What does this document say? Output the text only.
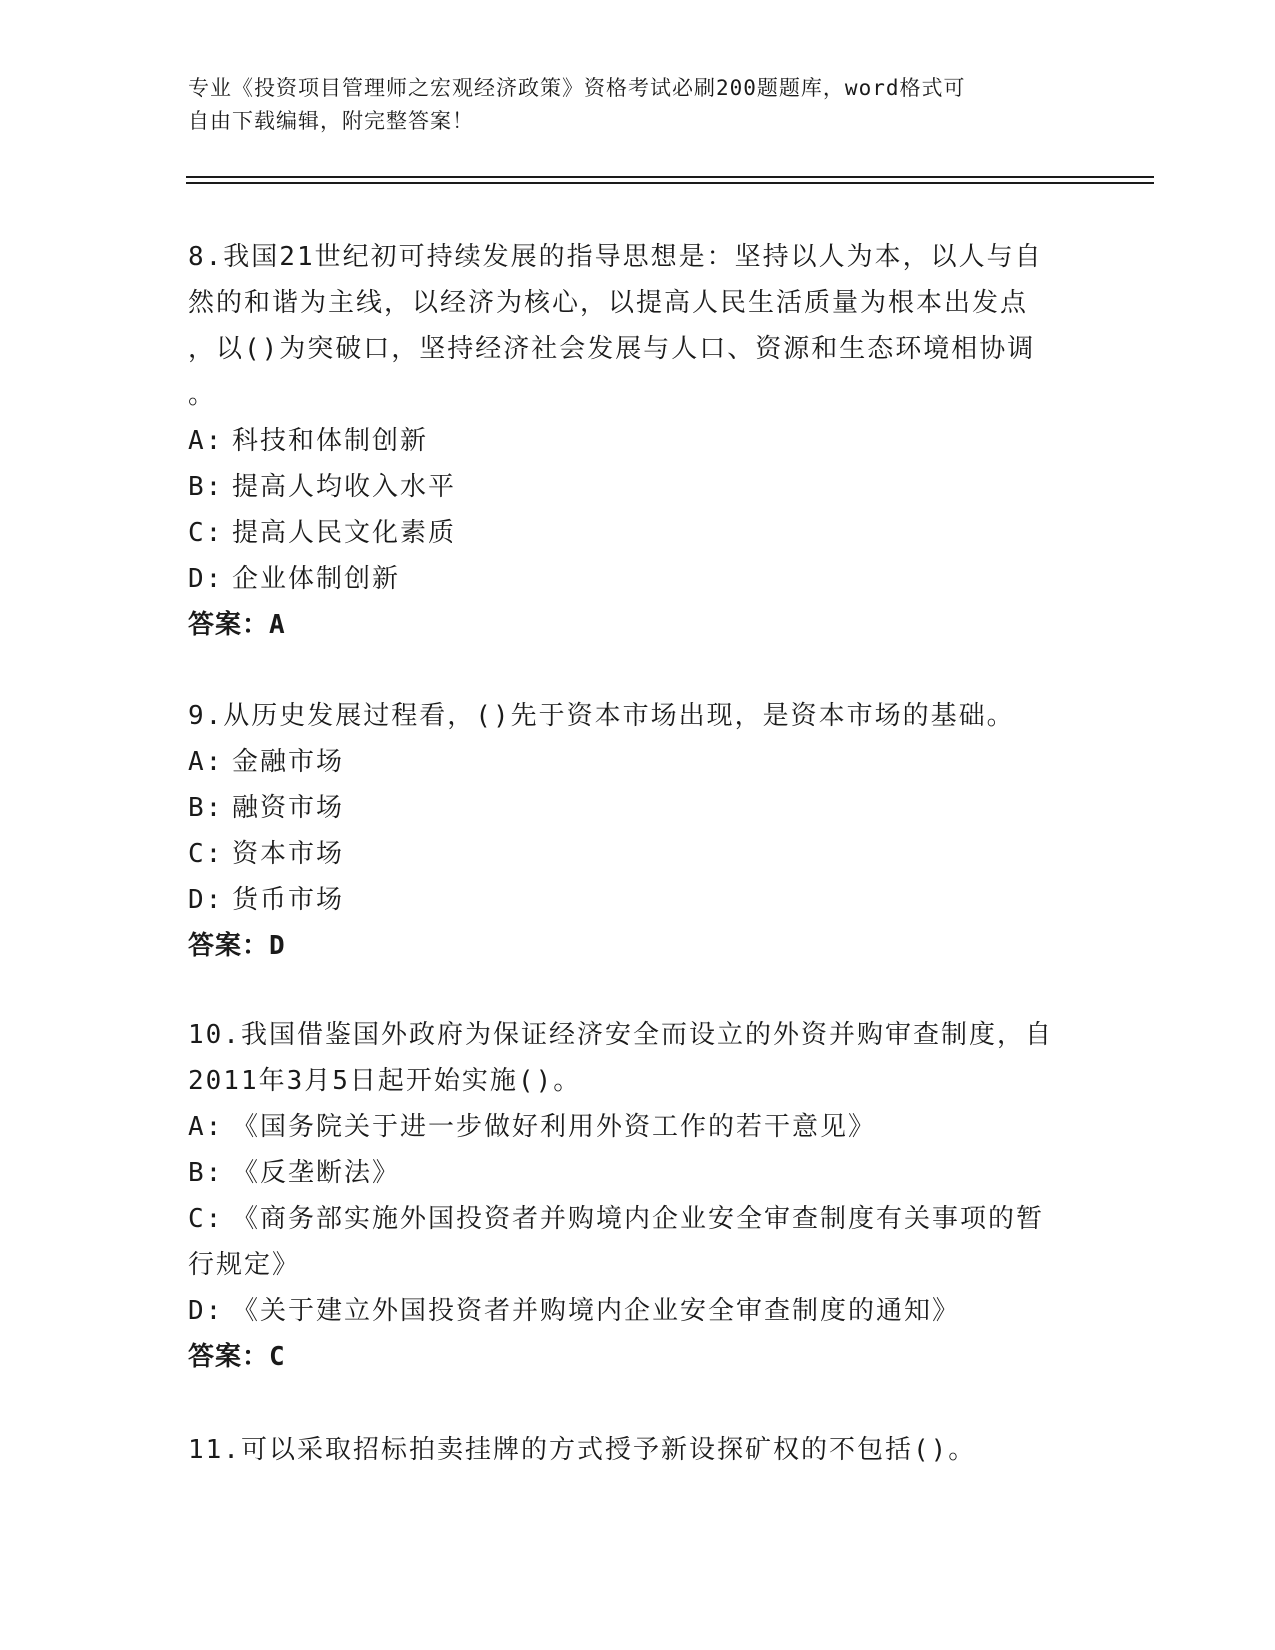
专业《投资项目管理师之宏观经济政策》资格考试必刷200题题库，word格式可
自由下载编辑，附完整答案！
8.我国21世纪初可持续发展的指导思想是：坚持以人为本，以人与自
然的和谐为主线，以经济为核心，以提高人民生活质量为根本出发点
，以()为突破口，坚持经济社会发展与人口、资源和生态环境相协调
。
A: 科技和体制创新
B: 提高人均收入水平
C: 提高人民文化素质
D: 企业体制创新
答案：A
9.从历史发展过程看，()先于资本市场出现，是资本市场的基础。
A: 金融市场
B: 融资市场
C: 资本市场
D: 货币市场
答案：D
10.我国借鉴国外政府为保证经济安全而设立的外资并购审查制度，自
2011年3月5日起开始实施()。
A: 《国务院关于进一步做好利用外资工作的若干意见》
B: 《反垄断法》
C: 《商务部实施外国投资者并购境内企业安全审查制度有关事项的暂
行规定》
D: 《关于建立外国投资者并购境内企业安全审查制度的通知》
答案：C
11.可以采取招标拍卖挂牌的方式授予新设探矿权的不包括()。
